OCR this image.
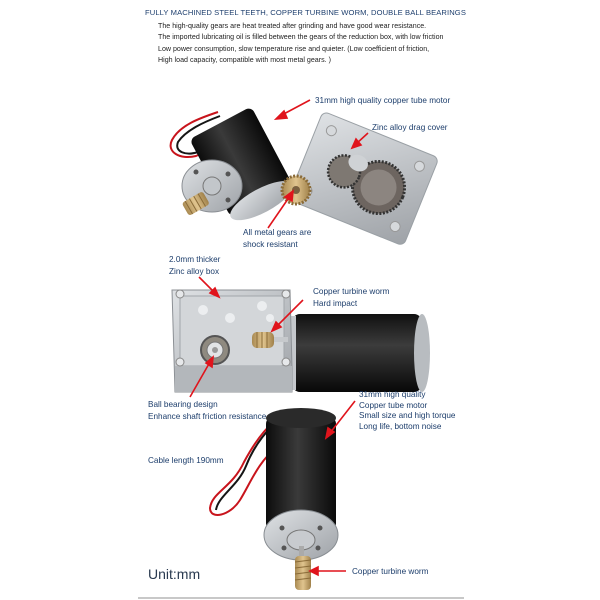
FULLY MACHINED STEEL TEETH, COPPER TURBINE WORM, DOUBLE BALL BEARINGS
The high-quality gears are heat treated after grinding and have good wear resistance.
The imported lubricating oil is filled between the gears of the reduction box, with low friction
Low power consumption, slow temperature rise and quieter. (Low coefficient of friction,
High load capacity, compatible with most metal gears. )
31mm high quality copper tube motor
Zinc alloy drag cover
All metal gears are
shock resistant
2.0mm thicker
Zinc alloy box
Copper turbine worm
Hard impact
Ball bearing design
Enhance shaft friction resistance
31mm high quality
Copper tube motor
Small size and high torque
Long life, bottom noise
Cable length 190mm
Unit:mm	Copper turbine worm
